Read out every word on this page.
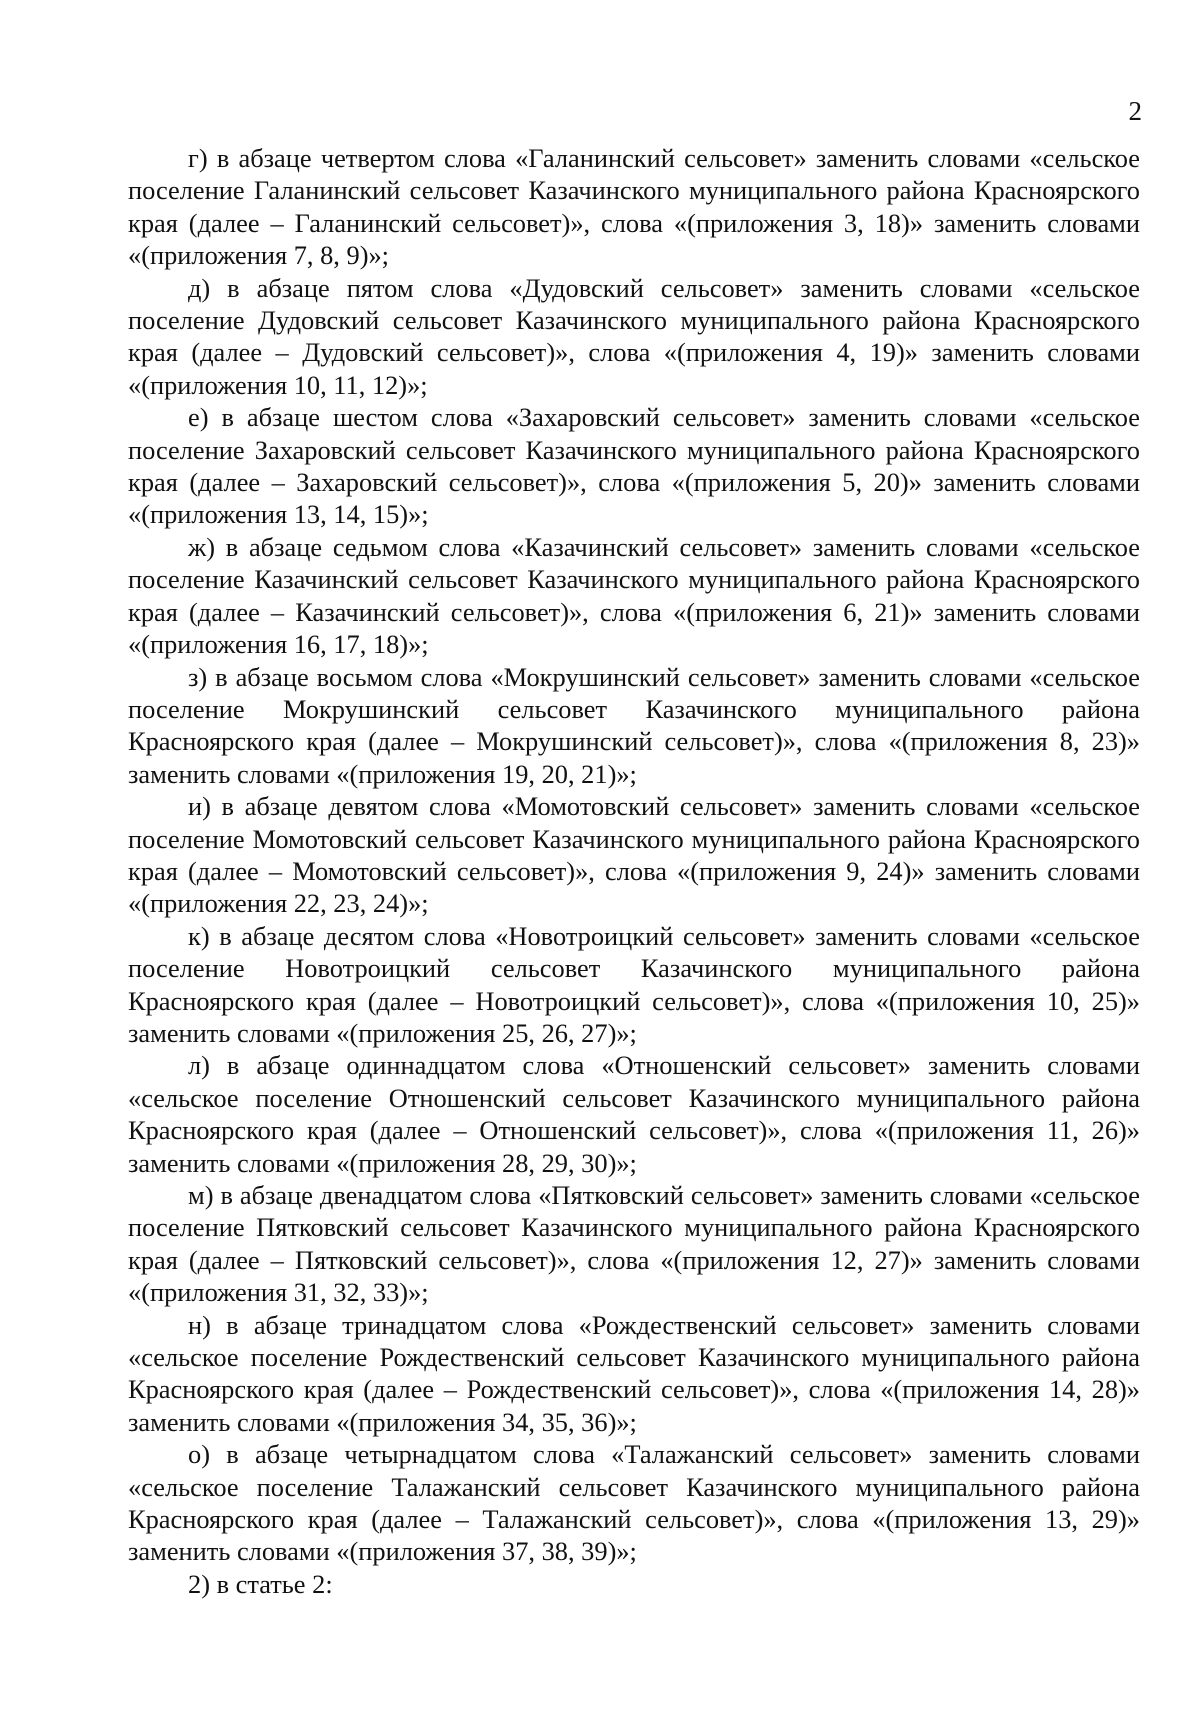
2

г) в абзаце четвертом слова «Галанинский сельсовет» заменить словами «сельское поселение Галанинский сельсовет Казачинского муниципального района Красноярского края (далее – Галанинский сельсовет)», слова «(приложения 3, 18)» заменить словами «(приложения 7, 8, 9)»;

д) в абзаце пятом слова «Дудовский сельсовет» заменить словами «сельское поселение Дудовский сельсовет Казачинского муниципального района Красноярского края (далее – Дудовский сельсовет)», слова «(приложения 4, 19)» заменить словами «(приложения 10, 11, 12)»;

е) в абзаце шестом слова «Захаровский сельсовет» заменить словами «сельское поселение Захаровский сельсовет Казачинского муниципального района Красноярского края (далее – Захаровский сельсовет)», слова «(приложения 5, 20)» заменить словами «(приложения 13, 14, 15)»;

ж) в абзаце седьмом слова «Казачинский сельсовет» заменить словами «сельское поселение Казачинский сельсовет Казачинского муниципального района Красноярского края (далее – Казачинский сельсовет)», слова «(приложения 6, 21)» заменить словами «(приложения 16, 17, 18)»;

з) в абзаце восьмом слова «Мокрушинский сельсовет» заменить словами «сельское поселение Мокрушинский сельсовет Казачинского муниципального района Красноярского края (далее – Мокрушинский сельсовет)», слова «(приложения 8, 23)» заменить словами «(приложения 19, 20, 21)»;

и) в абзаце девятом слова «Момотовский сельсовет» заменить словами «сельское поселение Момотовский сельсовет Казачинского муниципального района Красноярского края (далее – Момотовский сельсовет)», слова «(приложения 9, 24)» заменить словами «(приложения 22, 23, 24)»;

к) в абзаце десятом слова «Новотроицкий сельсовет» заменить словами «сельское поселение Новотроицкий сельсовет Казачинского муниципального района Красноярского края (далее – Новотроицкий сельсовет)», слова «(приложения 10, 25)» заменить словами «(приложения 25, 26, 27)»;

л) в абзаце одиннадцатом слова «Отношенский сельсовет» заменить словами «сельское поселение Отношенский сельсовет Казачинского муниципального района Красноярского края (далее – Отношенский сельсовет)», слова «(приложения 11, 26)» заменить словами «(приложения 28, 29, 30)»;

м) в абзаце двенадцатом слова «Пятковский сельсовет» заменить словами «сельское поселение Пятковский сельсовет Казачинского муниципального района Красноярского края (далее – Пятковский сельсовет)», слова «(приложения 12, 27)» заменить словами «(приложения 31, 32, 33)»;

н) в абзаце тринадцатом слова «Рождественский сельсовет» заменить словами «сельское поселение Рождественский сельсовет Казачинского муниципального района Красноярского края (далее – Рождественский сельсовет)», слова «(приложения 14, 28)» заменить словами «(приложения 34, 35, 36)»;

о) в абзаце четырнадцатом слова «Талажанский сельсовет» заменить словами «сельское поселение Талажанский сельсовет Казачинского муниципального района Красноярского края (далее – Талажанский сельсовет)», слова «(приложения 13, 29)» заменить словами «(приложения 37, 38, 39)»;

2) в статье 2:
